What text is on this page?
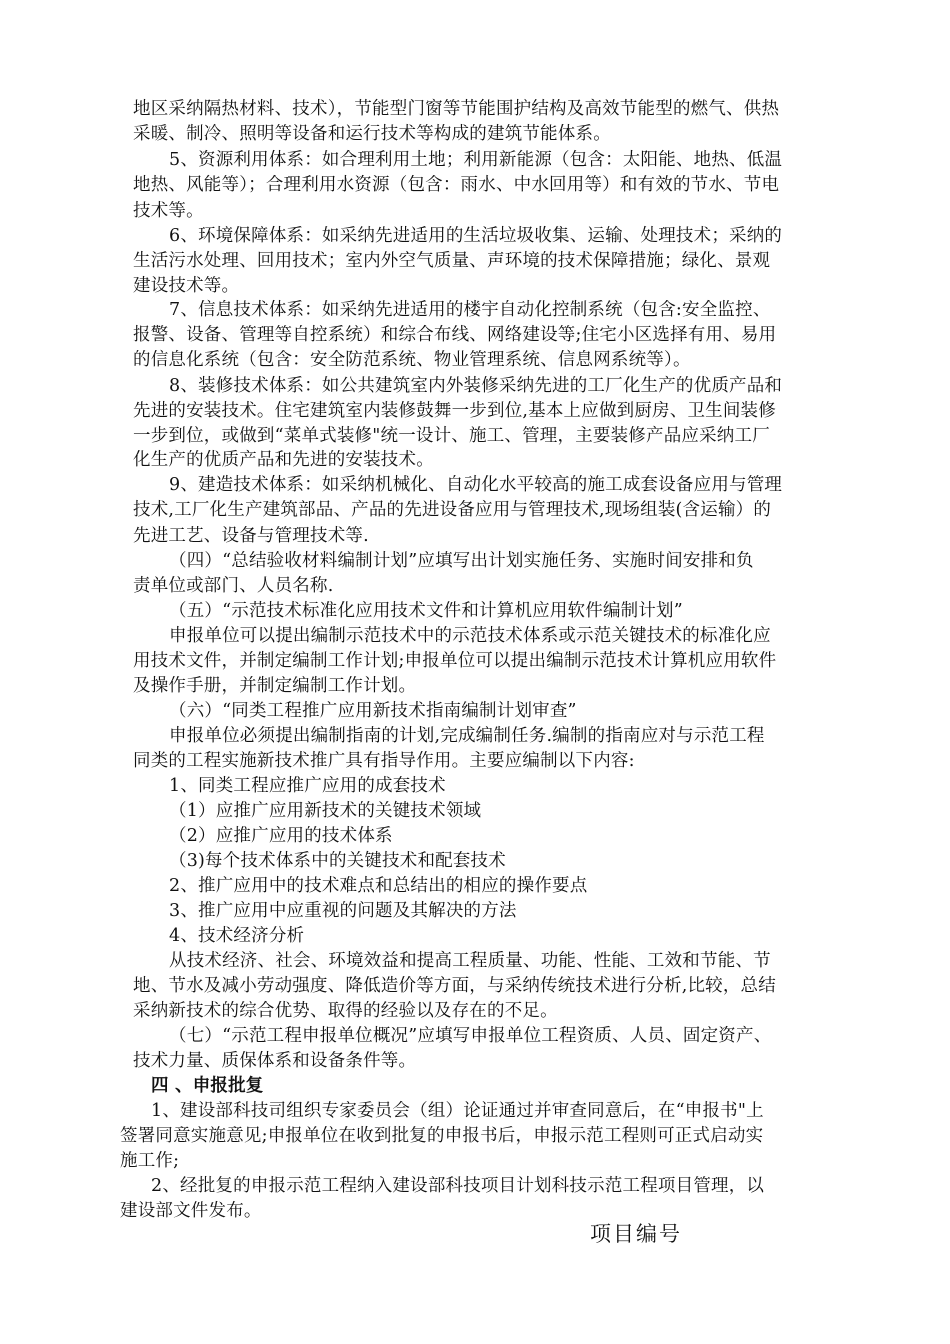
地区采纳隔热材料、技术），节能型门窗等节能围护结构及高效节能型的燃气、供热
采暖、制冷、照明等设备和运行技术等构成的建筑节能体系。
5、资源利用体系：如合理利用土地；利用新能源（包含：太阳能、地热、低温
地热、风能等）；合理利用水资源（包含：雨水、中水回用等）和有效的节水、节电
技术等。
6、环境保障体系：如采纳先进适用的生活垃圾收集、运输、处理技术；采纳的
生活污水处理、回用技术；室内外空气质量、声环境的技术保障措施；绿化、景观
建设技术等。
7、信息技术体系：如采纳先进适用的楼宇自动化控制系统（包含:安全监控、
报警、设备、管理等自控系统）和综合布线、网络建设等;住宅小区选择有用、易用
的信息化系统（包含：安全防范系统、物业管理系统、信息网系统等）。
8、装修技术体系：如公共建筑室内外装修采纳先进的工厂化生产的优质产品和
先进的安装技术。住宅建筑室内装修鼓舞一步到位,基本上应做到厨房、卫生间装修
一步到位，或做到“菜单式装修"统一设计、施工、管理，主要装修产品应采纳工厂
化生产的优质产品和先进的安装技术。
9、建造技术体系：如采纳机械化、自动化水平较高的施工成套设备应用与管理
技术,工厂化生产建筑部品、产品的先进设备应用与管理技术,现场组装(含运输）的
先进工艺、设备与管理技术等.
（四）“总结验收材料编制计划”应填写出计划实施任务、实施时间安排和负
责单位或部门、人员名称.
（五）“示范技术标准化应用技术文件和计算机应用软件编制计划”
申报单位可以提出编制示范技术中的示范技术体系或示范关键技术的标准化应
用技术文件，并制定编制工作计划;申报单位可以提出编制示范技术计算机应用软件
及操作手册，并制定编制工作计划。
（六）“同类工程推广应用新技术指南编制计划审查”
申报单位必须提出编制指南的计划,完成编制任务.编制的指南应对与示范工程
同类的工程实施新技术推广具有指导作用。主要应编制以下内容:
1、同类工程应推广应用的成套技术
（1）应推广应用新技术的关键技术领域
（2）应推广应用的技术体系
（3)每个技术体系中的关键技术和配套技术
2、推广应用中的技术难点和总结出的相应的操作要点
3、推广应用中应重视的问题及其解决的方法
4、技术经济分析
从技术经济、社会、环境效益和提高工程质量、功能、性能、工效和节能、节
地、节水及减小劳动强度、降低造价等方面，与采纳传统技术进行分析,比较，总结
采纳新技术的综合优势、取得的经验以及存在的不足。
（七）“示范工程申报单位概况”应填写申报单位工程资质、人员、固定资产、
技术力量、质保体系和设备条件等。
四 、申报批复
1、建设部科技司组织专家委员会（组）论证通过并审查同意后，在“申报书"上
签署同意实施意见;申报单位在收到批复的申报书后，申报示范工程则可正式启动实
施工作;
2、经批复的申报示范工程纳入建设部科技项目计划科技示范工程项目管理，以
建设部文件发布。
项目编号
